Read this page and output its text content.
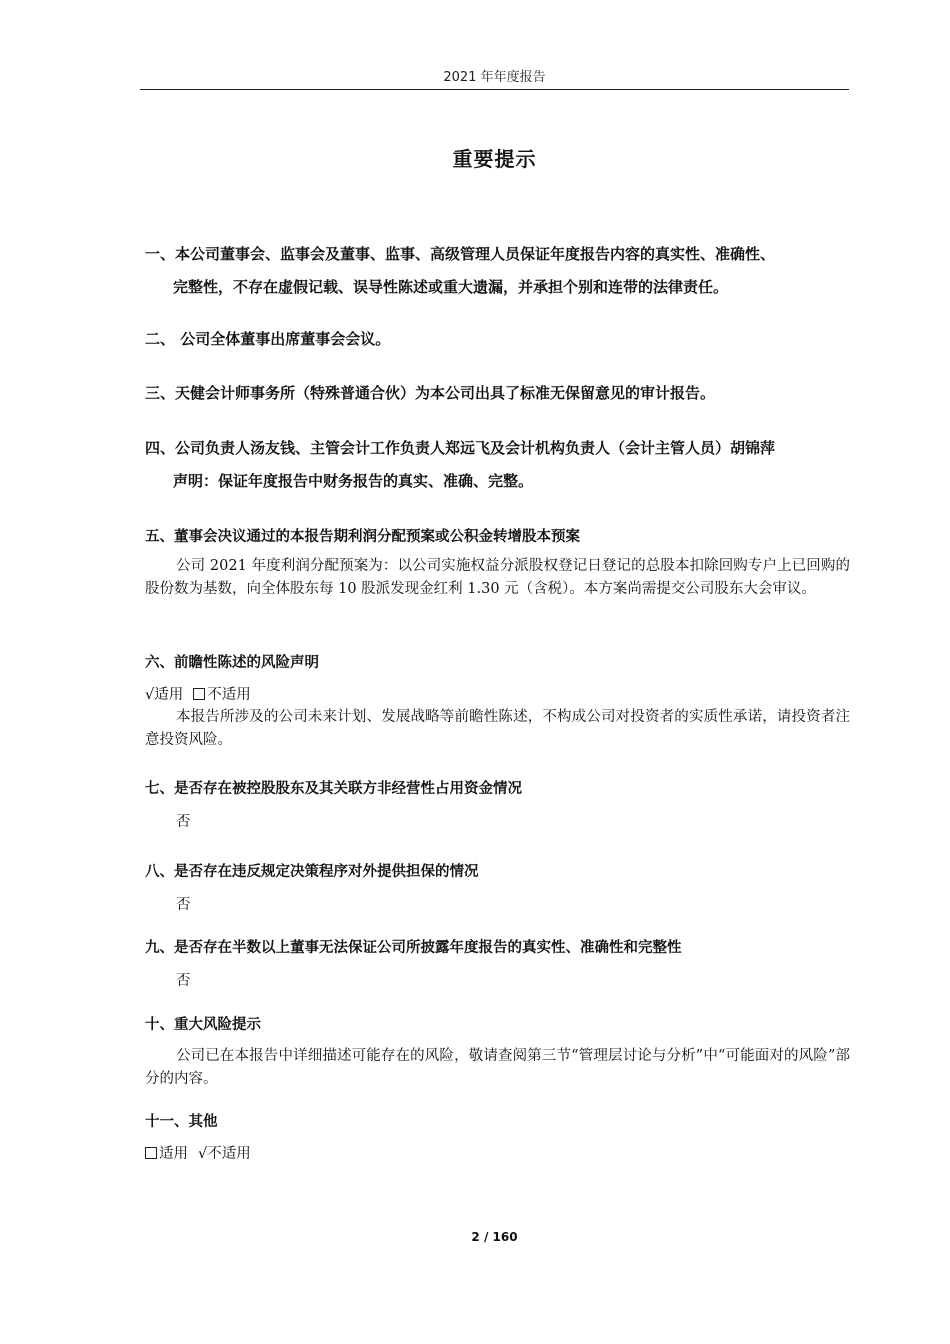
2021 年年度报告
重要提示
一、本公司董事会、监事会及董事、监事、高级管理人员保证年度报告内容的真实性、准确性、
完整性，不存在虚假记载、误导性陈述或重大遗漏，并承担个别和连带的法律责任。
二、 公司全体董事出席董事会会议。
三、天健会计师事务所（特殊普通合伙）为本公司出具了标准无保留意见的审计报告。
四、公司负责人汤友钱、主管会计工作负责人郑远飞及会计机构负责人（会计主管人员）胡锦萍
声明：保证年度报告中财务报告的真实、准确、完整。
五、董事会决议通过的本报告期利润分配预案或公积金转增股本预案
公司 2021 年度利润分配预案为：以公司实施权益分派股权登记日登记的总股本扣除回购专户上已回购的股份数为基数，向全体股东每 10 股派发现金红利 1.30 元（含税）。本方案尚需提交公司股东大会审议。
六、前瞻性陈述的风险声明
√适用 不适用
本报告所涉及的公司未来计划、发展战略等前瞻性陈述，不构成公司对投资者的实质性承诺，请投资者注意投资风险。
七、是否存在被控股股东及其关联方非经营性占用资金情况
否
八、是否存在违反规定决策程序对外提供担保的情况
否
九、是否存在半数以上董事无法保证公司所披露年度报告的真实性、准确性和完整性
否
十、重大风险提示
公司已在本报告中详细描述可能存在的风险，敬请查阅第三节“管理层讨论与分析”中“可能面对的风险”部分的内容。
十一、其他
适用 √不适用
2 / 160
